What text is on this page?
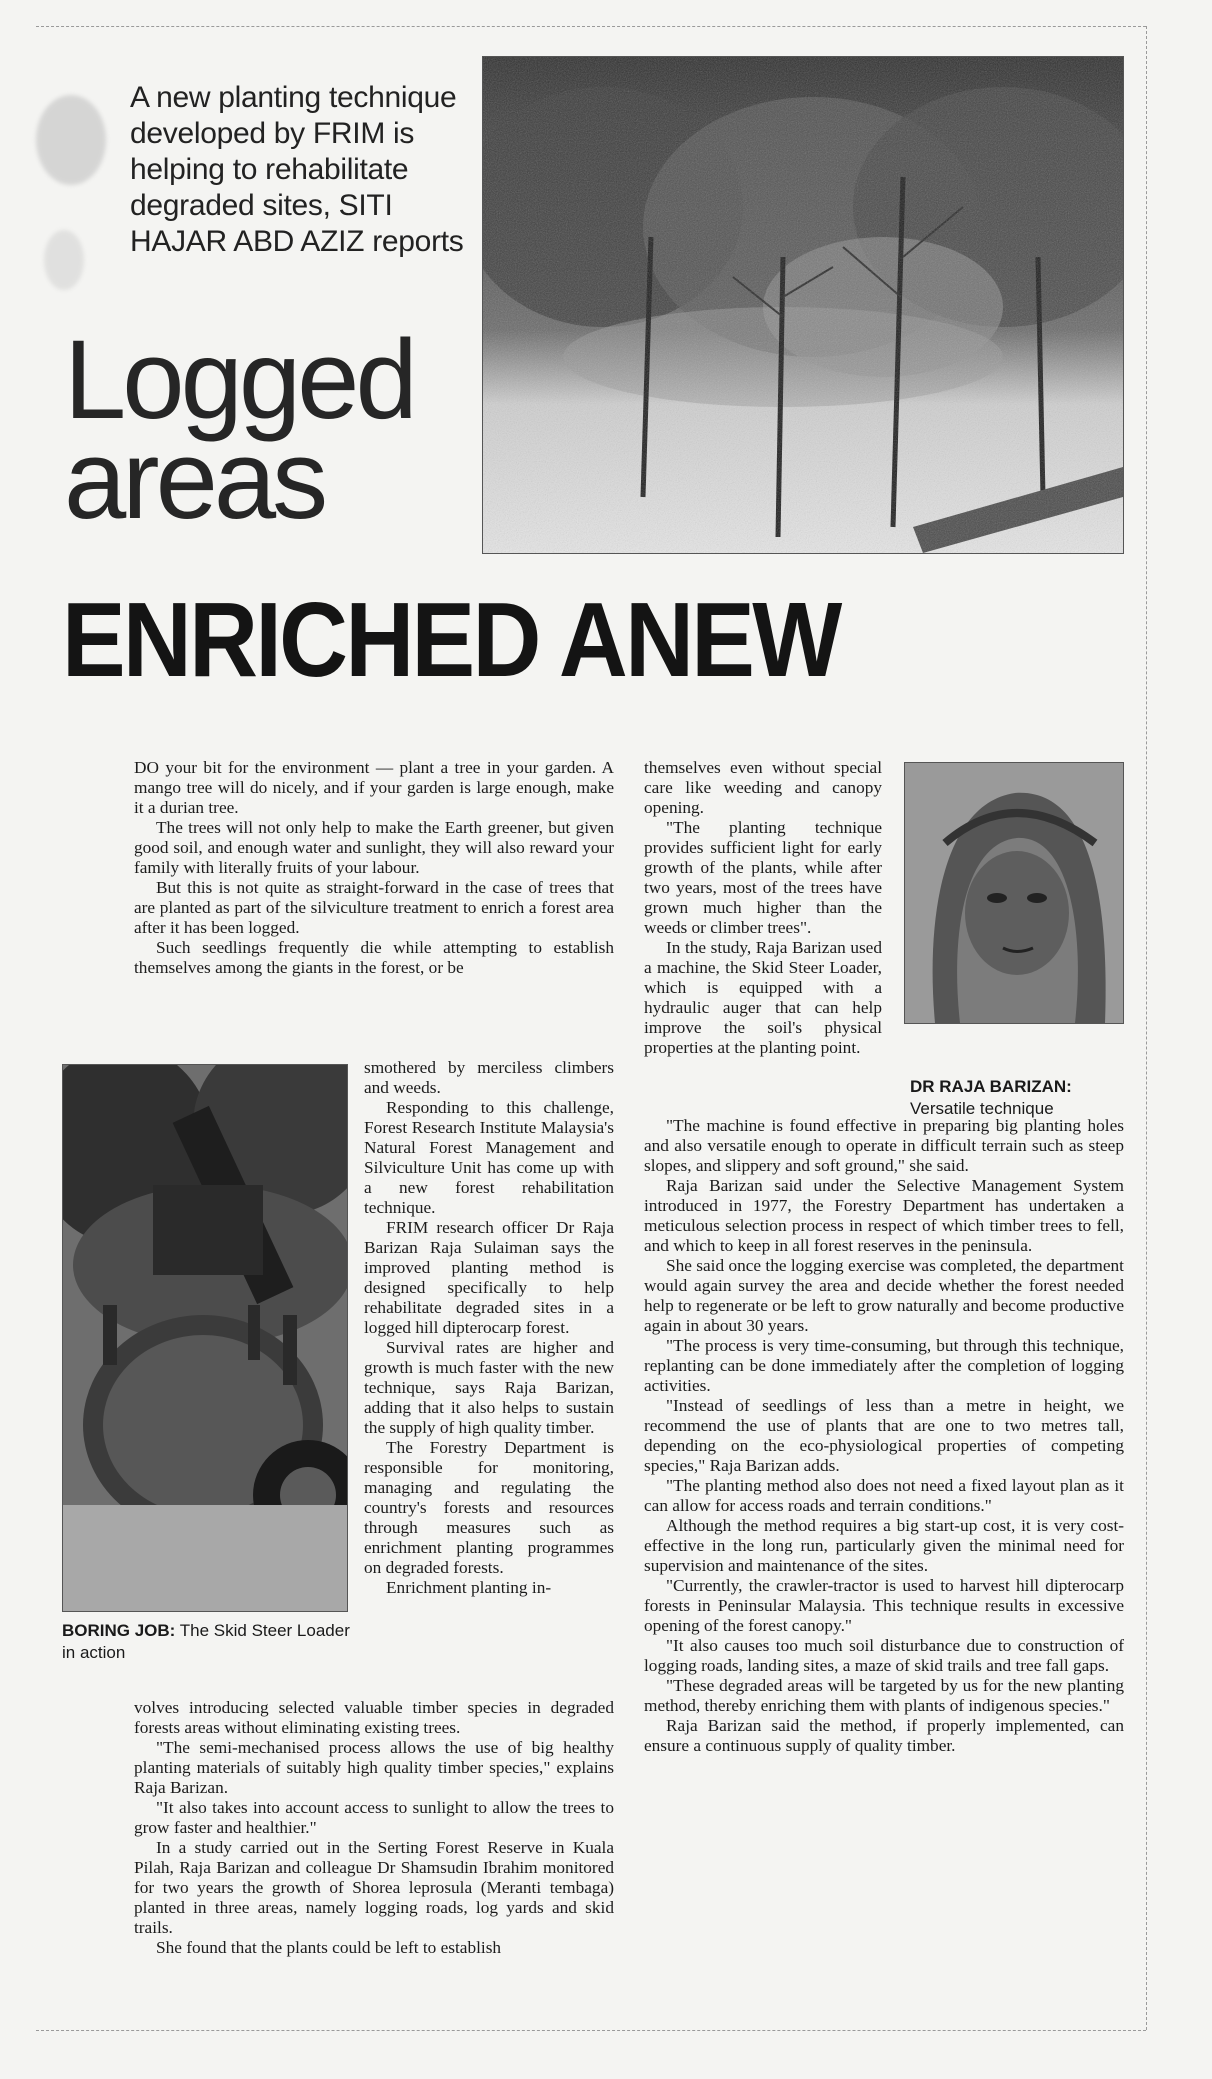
A new planting technique developed by FRIM is helping to rehabilitate degraded sites, SITI HAJAR ABD AZIZ reports
Logged
areas
ENRICHED ANEW

DO your bit for the environment — plant a tree in your garden. A mango tree will do nicely, and if your garden is large enough, make it a durian tree.

The trees will not only help to make the Earth greener, but given good soil, and enough water and sunlight, they will also reward your family with literally fruits of your labour.

But this is not quite as straight-forward in the case of trees that are planted as part of the silviculture treatment to enrich a forest area after it has been logged.

Such seedlings frequently die while attempting to establish themselves among the giants in the forest, or be

BORING JOB: The Skid Steer Loader in action

smothered by merciless climbers and weeds.

Responding to this challenge, Forest Research Institute Malaysia's Natural Forest Management and Silviculture Unit has come up with a new forest rehabilitation technique.

FRIM research officer Dr Raja Barizan Raja Sulaiman says the improved planting method is designed specifically to help rehabilitate degraded sites in a logged hill dipterocarp forest.

Survival rates are higher and growth is much faster with the new technique, says Raja Barizan, adding that it also helps to sustain the supply of high quality timber.

The Forestry Department is responsible for monitoring, managing and regulating the country's forests and resources through measures such as enrichment planting programmes on degraded forests.

Enrichment planting in-

volves introducing selected valuable timber species in degraded forests areas without eliminating existing trees.

"The semi-mechanised process allows the use of big healthy planting materials of suitably high quality timber species," explains Raja Barizan.

"It also takes into account access to sunlight to allow the trees to grow faster and healthier."

In a study carried out in the Serting Forest Reserve in Kuala Pilah, Raja Barizan and colleague Dr Shamsudin Ibrahim monitored for two years the growth of Shorea leprosula (Meranti tembaga) planted in three areas, namely logging roads, log yards and skid trails.

She found that the plants could be left to establish

themselves even without special care like weeding and canopy opening.

"The planting technique provides sufficient light for early growth of the plants, while after two years, most of the trees have grown much higher than the weeds or climber trees".

In the study, Raja Barizan used a machine, the Skid Steer Loader, which is equipped with a hydraulic auger that can help improve the soil's physical properties at the planting point.

DR RAJA BARIZAN:
Versatile technique

"The machine is found effective in preparing big planting holes and also versatile enough to operate in difficult terrain such as steep slopes, and slippery and soft ground," she said.

Raja Barizan said under the Selective Management System introduced in 1977, the Forestry Department has undertaken a meticulous selection process in respect of which timber trees to fell, and which to keep in all forest reserves in the peninsula.

She said once the logging exercise was completed, the department would again survey the area and decide whether the forest needed help to regenerate or be left to grow naturally and become productive again in about 30 years.

"The process is very time-consuming, but through this technique, replanting can be done immediately after the completion of logging activities.

"Instead of seedlings of less than a metre in height, we recommend the use of plants that are one to two metres tall, depending on the eco-physiological properties of competing species," Raja Barizan adds.

"The planting method also does not need a fixed layout plan as it can allow for access roads and terrain conditions."

Although the method requires a big start-up cost, it is very cost-effective in the long run, particularly given the minimal need for supervision and maintenance of the sites.

"Currently, the crawler-tractor is used to harvest hill dipterocarp forests in Peninsular Malaysia. This technique results in excessive opening of the forest canopy."

"It also causes too much soil disturbance due to construction of logging roads, landing sites, a maze of skid trails and tree fall gaps.

"These degraded areas will be targeted by us for the new planting method, thereby enriching them with plants of indigenous species."

Raja Barizan said the method, if properly implemented, can ensure a continuous supply of quality timber.
